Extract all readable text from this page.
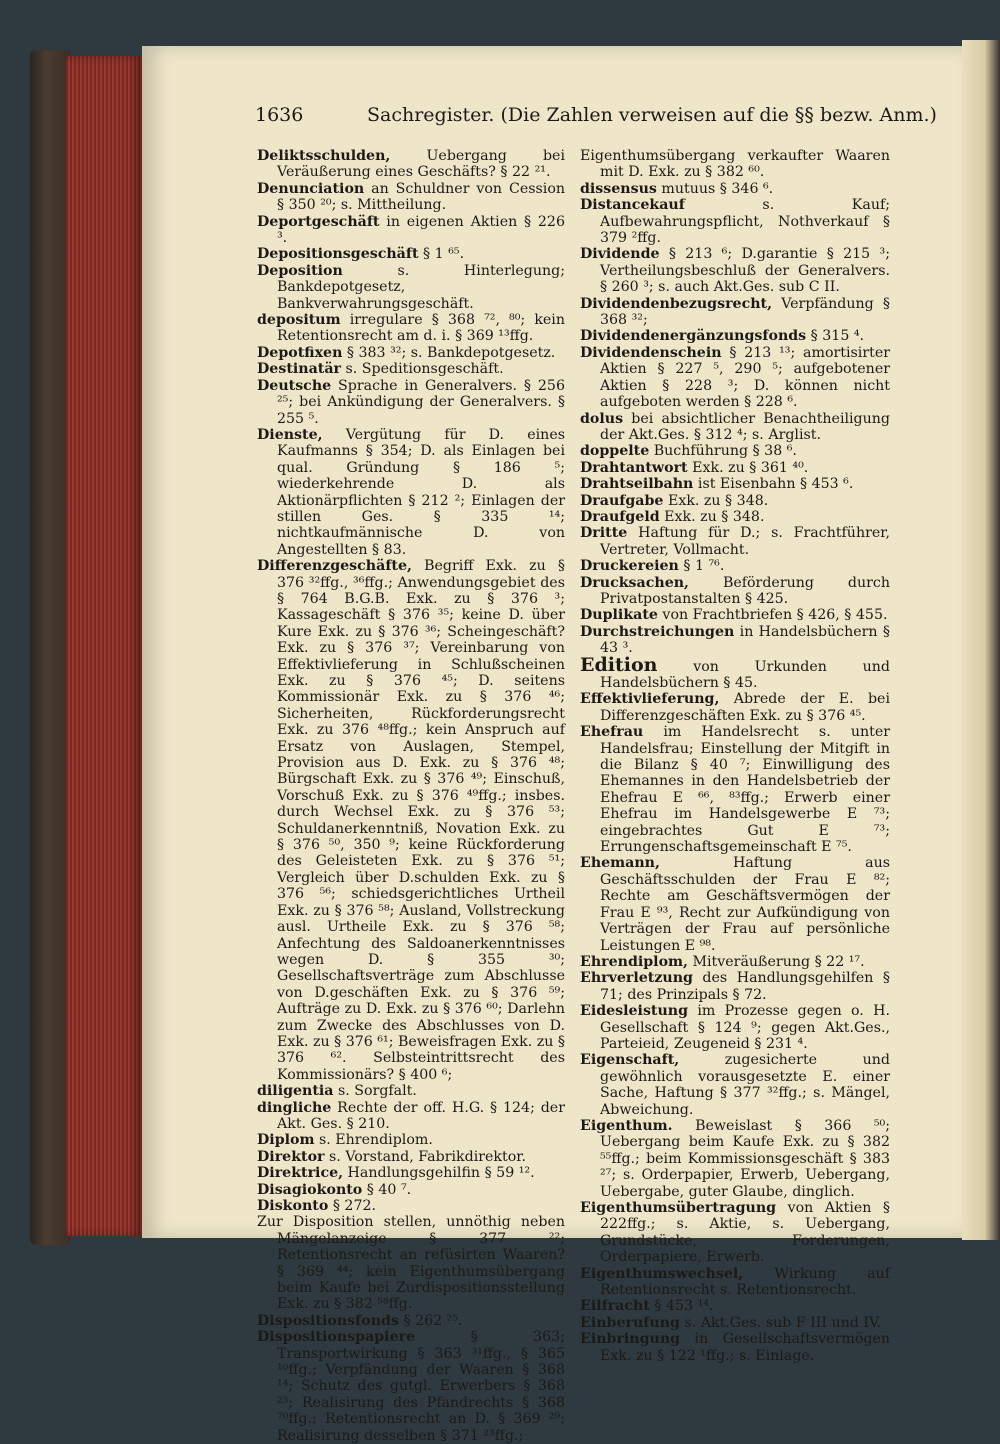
1636	Sachregister. (Die Zahlen verweisen auf die §§ bezw. Anm.)

Deliktsschulden, Uebergang bei Veräußerung eines Geschäfts? § 22 ²¹.

Denunciation an Schuldner von Cession § 350 ²⁰; s. Mittheilung.

Deportgeschäft in eigenen Aktien § 226 ³.

Depositionsgeschäft § 1 ⁶⁵.

Deposition s. Hinterlegung; Bankdepotgesetz, Bankverwahrungsgeschäft.

depositum irregulare § 368 ⁷², ⁸⁰; kein Retentionsrecht am d. i. § 369 ¹³ffg.

Depotfixen § 383 ³²; s. Bankdepotgesetz.

Destinatär s. Speditionsgeschäft.

Deutsche Sprache in Generalvers. § 256 ²⁵; bei Ankündigung der Generalvers. § 255 ⁵.

Dienste, Vergütung für D. eines Kaufmanns § 354; D. als Einlagen bei qual. Gründung § 186 ⁵; wiederkehrende D. als Aktionärpflichten § 212 ²; Einlagen der stillen Ges. § 335 ¹⁴; nichtkaufmännische D. von Angestellten § 83.

Differenzgeschäfte, Begriff Exk. zu § 376 ³²ffg., ³⁶ffg.; Anwendungsgebiet des § 764 B.G.B. Exk. zu § 376 ³; Kassageschäft § 376 ³⁵; keine D. über Kure Exk. zu § 376 ³⁶; Scheingeschäft? Exk. zu § 376 ³⁷; Vereinbarung von Effektivlieferung in Schlußscheinen Exk. zu § 376 ⁴⁵; D. seitens Kommissionär Exk. zu § 376 ⁴⁶; Sicherheiten, Rückforderungsrecht Exk. zu 376 ⁴⁸ffg.; kein Anspruch auf Ersatz von Auslagen, Stempel, Provision aus D. Exk. zu § 376 ⁴⁸; Bürgschaft Exk. zu § 376 ⁴⁹; Einschuß, Vorschuß Exk. zu § 376 ⁴⁹ffg.; insbes. durch Wechsel Exk. zu § 376 ⁵³; Schuldanerkenntniß, Novation Exk. zu § 376 ⁵⁰, 350 ⁹; keine Rückforderung des Geleisteten Exk. zu § 376 ⁵¹; Vergleich über D.schulden Exk. zu § 376 ⁵⁶; schiedsgerichtliches Urtheil Exk. zu § 376 ⁵⁸; Ausland, Vollstreckung ausl. Urtheile Exk. zu § 376 ⁵⁸; Anfechtung des Saldoanerkenntnisses wegen D. § 355 ³⁰; Gesellschaftsverträge zum Abschlusse von D.geschäften Exk. zu § 376 ⁵⁹; Aufträge zu D. Exk. zu § 376 ⁶⁰; Darlehn zum Zwecke des Abschlusses von D. Exk. zu § 376 ⁶¹; Beweisfragen Exk. zu § 376 ⁶². Selbsteintrittsrecht des Kommissionärs? § 400 ⁶;

diligentia s. Sorgfalt.

dingliche Rechte der off. H.G. § 124; der Akt. Ges. § 210.

Diplom s. Ehrendiplom.

Direktor s. Vorstand, Fabrikdirektor.

Direktrice, Handlungsgehilfin § 59 ¹².

Disagiokonto § 40 ⁷.

Diskonto § 272.

Zur Disposition stellen, unnöthig neben Mängelanzeige § 377 ²²; Retentionsrecht an refüsirten Waaren? § 369 ⁴⁴; kein Eigenthumsübergang beim Kaufe bei Zurdispositionsstellung Exk. zu § 382 ⁵⁸ffg.

Dispositionsfonds § 262 ²⁵.

Dispositionspapiere § 363; Transportwirkung § 363 ³¹ffg., § 365 ¹⁰ffg.; Verpfändung der Waaren § 368 ¹⁴; Schutz des gutgl. Erwerbers § 368 ²³; Realisirung des Pfandrechts § 368 ⁷⁰ffg.; Retentionsrecht an D. § 369 ²⁹; Realisirung desselben § 371 ²³ffg.;

Eigenthumsübergang verkaufter Waaren mit D. Exk. zu § 382 ⁶⁰.

dissensus mutuus § 346 ⁶.

Distancekauf s. Kauf; Aufbewahrungspflicht, Nothverkauf § 379 ²ffg.

Dividende § 213 ⁶; D.garantie § 215 ³; Vertheilungsbeschluß der Generalvers. § 260 ³; s. auch Akt.Ges. sub C II.

Dividendenbezugsrecht, Verpfändung § 368 ³²;

Dividendenergänzungsfonds § 315 ⁴.

Dividendenschein § 213 ¹³; amortisirter Aktien § 227 ⁵, 290 ⁵; aufgebotener Aktien § 228 ³; D. können nicht aufgeboten werden § 228 ⁶.

dolus bei absichtlicher Benachtheiligung der Akt.Ges. § 312 ⁴; s. Arglist.

doppelte Buchführung § 38 ⁶.

Drahtantwort Exk. zu § 361 ⁴⁰.

Drahtseilbahn ist Eisenbahn § 453 ⁶.

Draufgabe Exk. zu § 348.

Draufgeld Exk. zu § 348.

Dritte Haftung für D.; s. Frachtführer, Vertreter, Vollmacht.

Druckereien § 1 ⁷⁶.

Drucksachen, Beförderung durch Privatpostanstalten § 425.

Duplikate von Frachtbriefen § 426, § 455.

Durchstreichungen in Handelsbüchern § 43 ³.

Edition von Urkunden und Handelsbüchern § 45.

Effektivlieferung, Abrede der E. bei Differenzgeschäften Exk. zu § 376 ⁴⁵.

Ehefrau im Handelsrecht s. unter Handelsfrau; Einstellung der Mitgift in die Bilanz § 40 ⁷; Einwilligung des Ehemannes in den Handelsbetrieb der Ehefrau E ⁶⁶, ⁸³ffg.; Erwerb einer Ehefrau im Handelsgewerbe E ⁷³; eingebrachtes Gut E ⁷³; Errungenschaftsgemeinschaft E ⁷⁵.

Ehemann, Haftung aus Geschäftsschulden der Frau E ⁸²; Rechte am Geschäftsvermögen der Frau E ⁹³, Recht zur Aufkündigung von Verträgen der Frau auf persönliche Leistungen E ⁹⁸.

Ehrendiplom, Mitveräußerung § 22 ¹⁷.

Ehrverletzung des Handlungsgehilfen § 71; des Prinzipals § 72.

Eidesleistung im Prozesse gegen o. H. Gesellschaft § 124 ⁹; gegen Akt.Ges., Parteieid, Zeugeneid § 231 ⁴.

Eigenschaft, zugesicherte und gewöhnlich vorausgesetzte E. einer Sache, Haftung § 377 ³²ffg.; s. Mängel, Abweichung.

Eigenthum. Beweislast § 366 ⁵⁰; Uebergang beim Kaufe Exk. zu § 382 ⁵⁵ffg.; beim Kommissionsgeschäft § 383 ²⁷; s. Orderpapier, Erwerb, Uebergang, Uebergabe, guter Glaube, dinglich.

Eigenthumsübertragung von Aktien § 222ffg.; s. Aktie, s. Uebergang, Grundstücke, Forderungen, Orderpapiere, Erwerb.

Eigenthumswechsel, Wirkung auf Retentionsrecht s. Retentionsrecht.

Eilfracht § 453 ¹⁴.

Einberufung s. Akt.Ges. sub F III und IV.

Einbringung in Gesellschaftsvermögen Exk. zu § 122 ¹ffg.; s. Einlage.
